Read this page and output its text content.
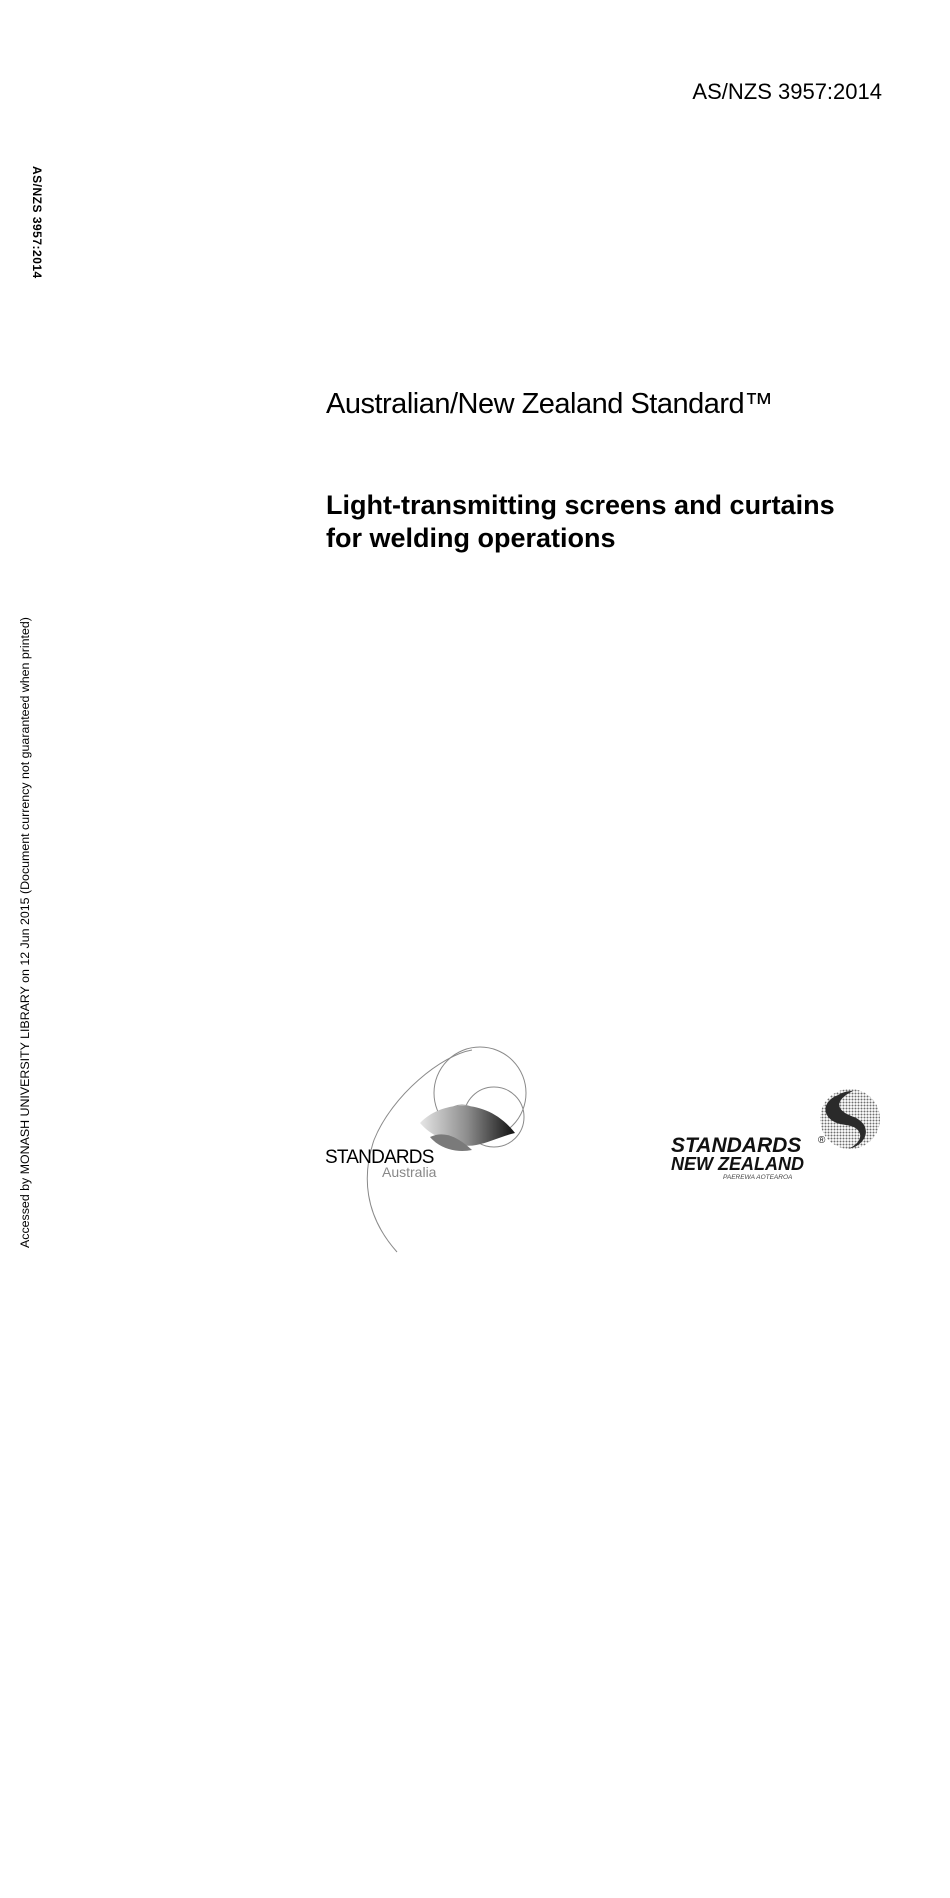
AS/NZS 3957:2014
AS/NZS 3957:2014
Accessed by MONASH UNIVERSITY LIBRARY on 12 Jun 2015 (Document currency not guaranteed when printed)
Australian/New Zealand Standard™
Light-transmitting screens and curtains
for welding operations
STANDARDS
Australia
STANDARDS ®
NEW ZEALAND
PAEREWA AOTEAROA
